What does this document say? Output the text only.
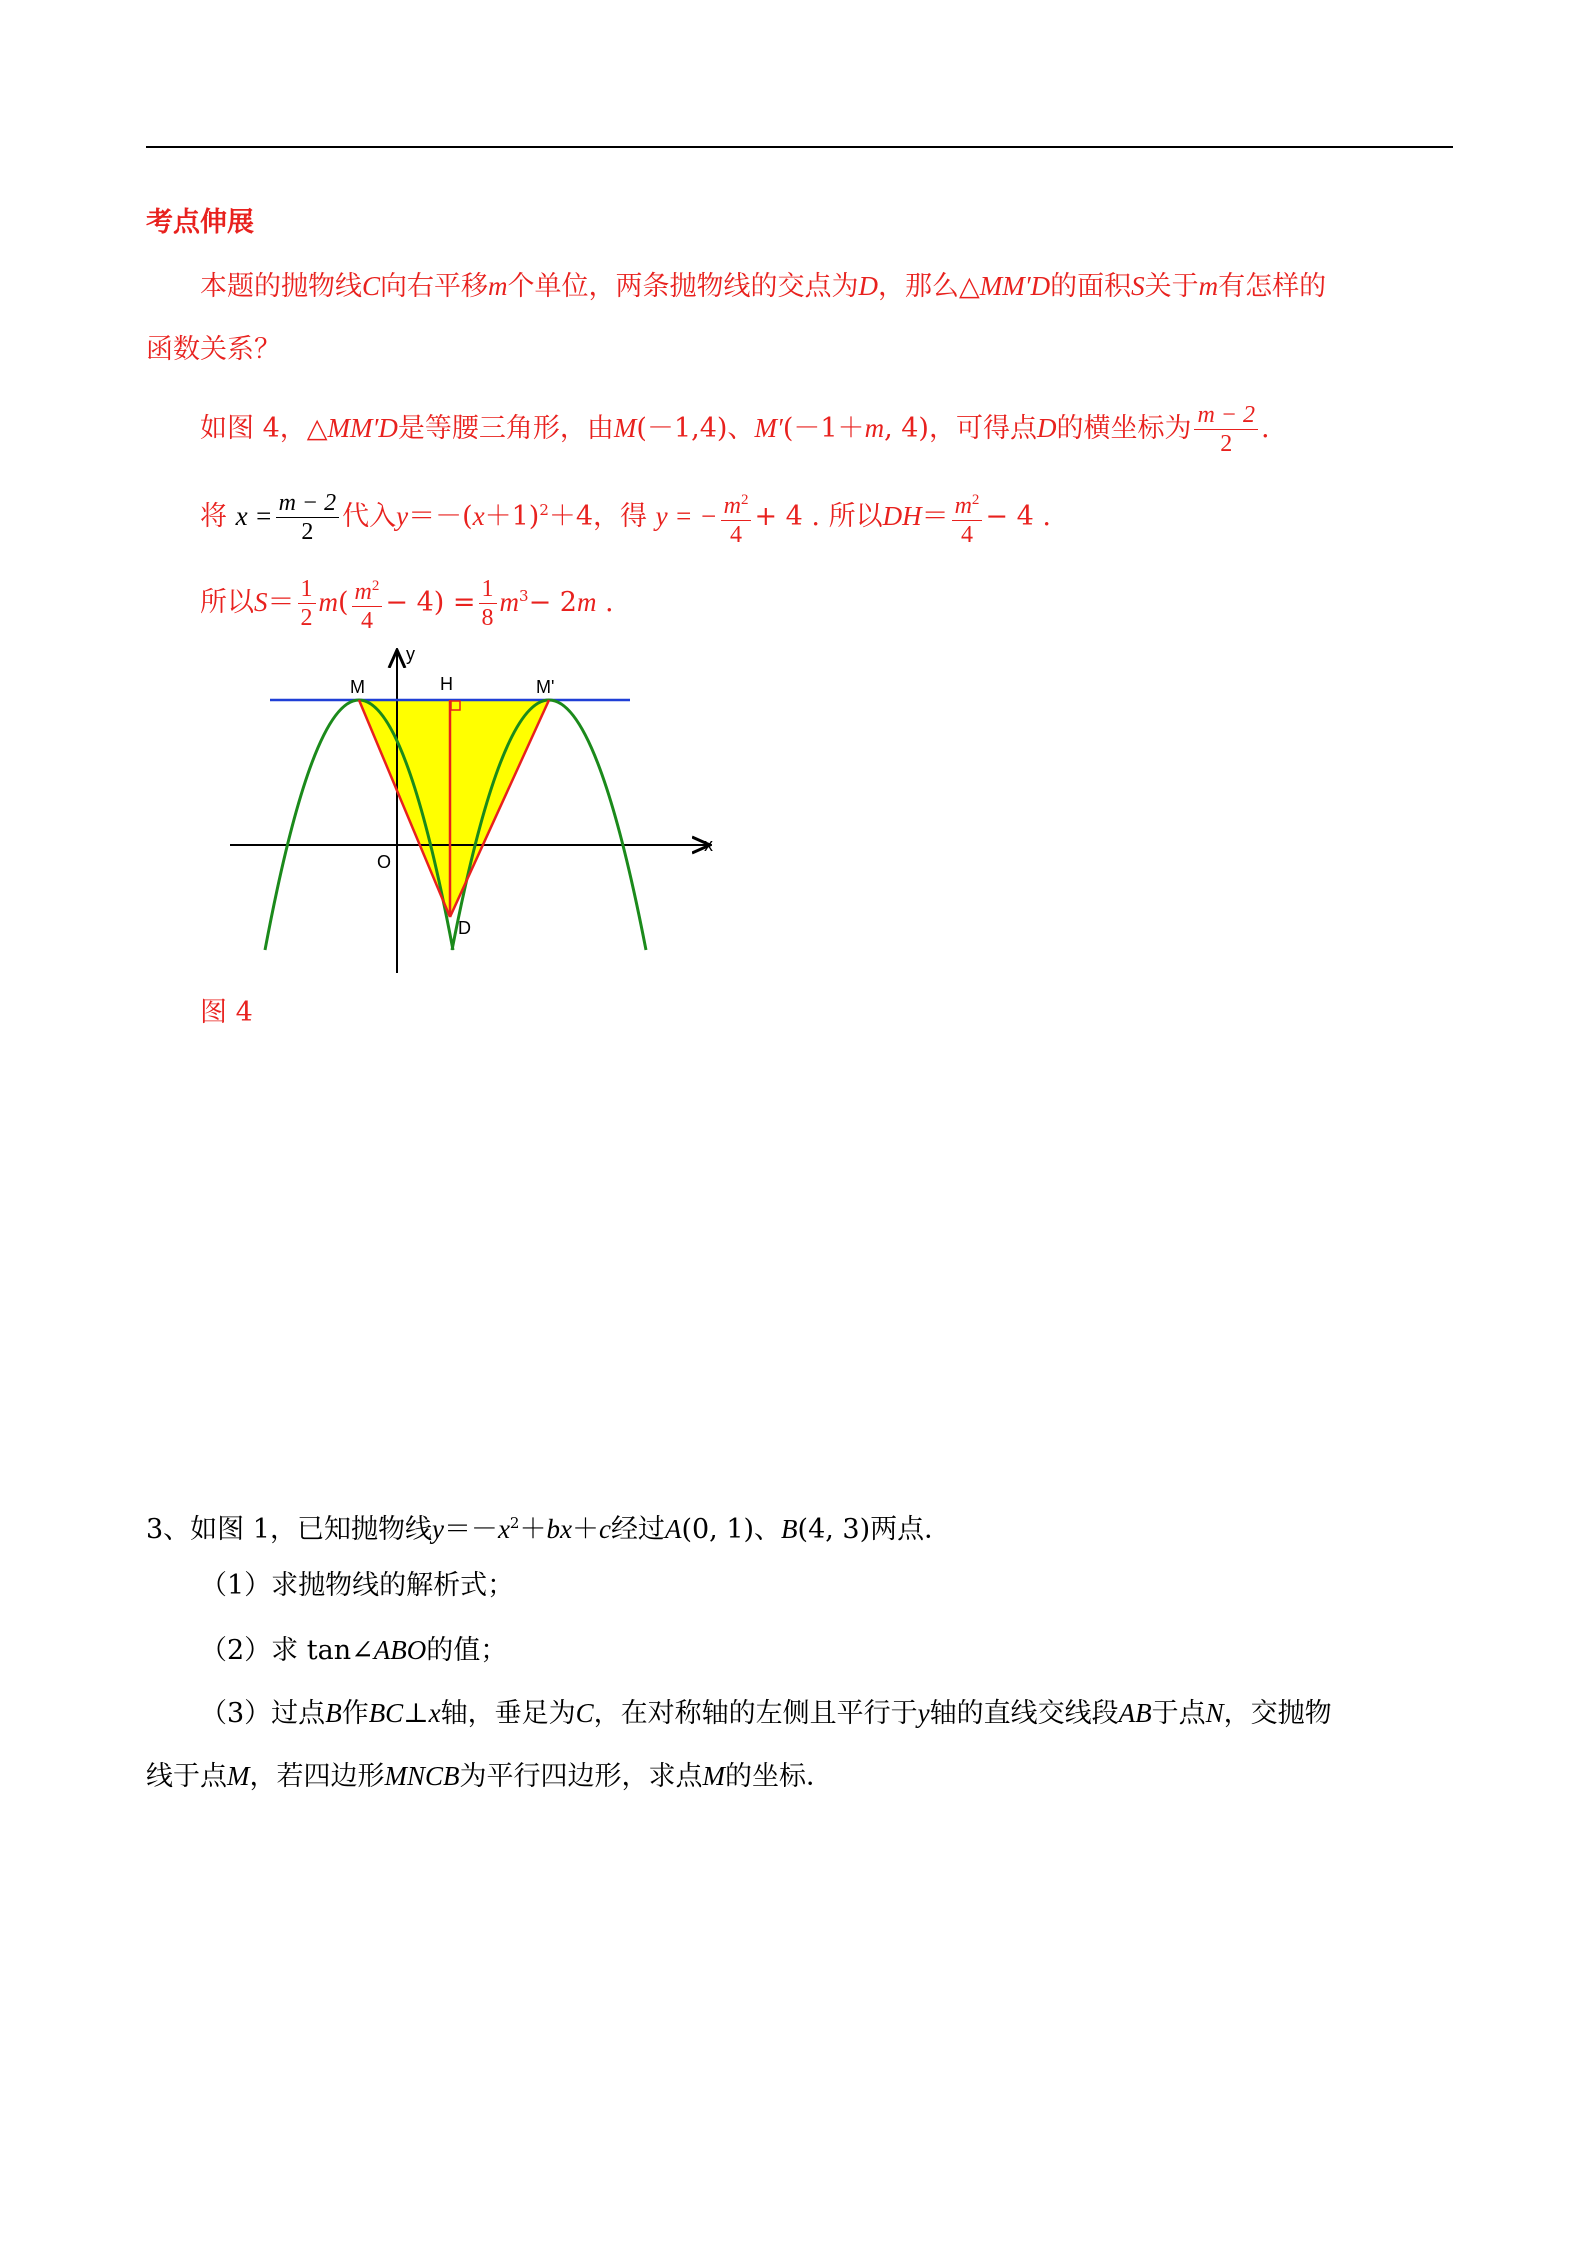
考点伸展
本题的抛物线C向右平移m个单位，两条抛物线的交点为D，那么△MM′D的面积S关于m有怎样的
函数关系？
如图 4，△MM′D是等腰三角形，由M(－1,4)、M′(－1＋m, 4)，可得点D的横坐标为 $\frac{m - 2}{2}$ .
将 $x = \frac{m - 2}{2}$ 代入$y=-(x+1)^2+4$，得 y = − $\frac{m^2}{4} + 4$ . 所以$DH= \frac{m^2}{4} - 4$ .
所以$S= \frac{1}{2} m( \frac{m^2}{4} - 4) = \frac{1}{8} m^3- 2m$ .
y
x
O
M	H	M'
D
图 4
3、如图 1，已知抛物线$y=-x^2+bx+c$经过A(0, 1)、B(4, 3)两点．
（1）求抛物线的解析式；
（2）求 tan∠ABO的值；
（3）过点B作BC⊥x轴，垂足为C，在对称轴的左侧且平行于y轴的直线交线段AB于点N，交抛物
线于点M，若四边形MNCB为平行四边形，求点M的坐标．
